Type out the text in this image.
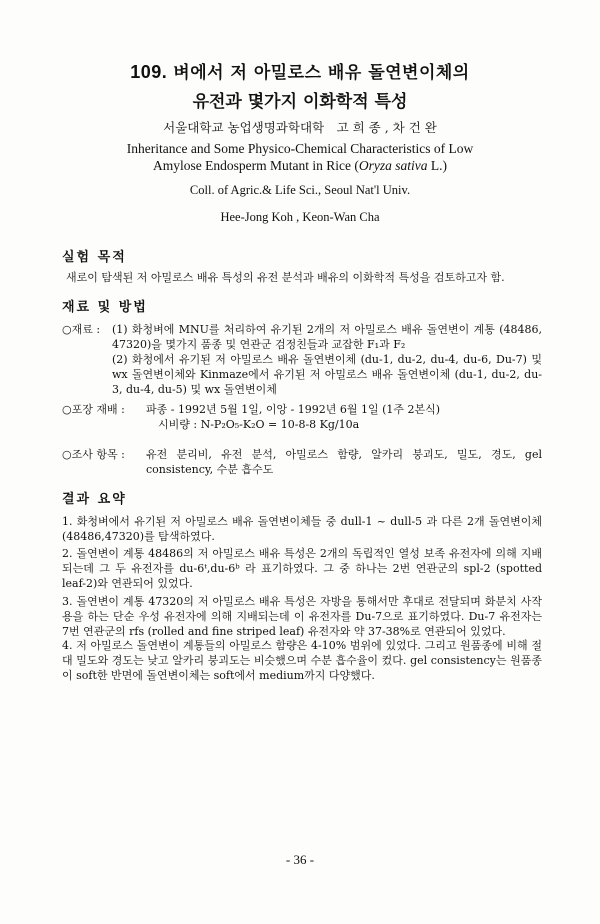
109. 벼에서 저 아밀로스 배유 돌연변이체의
유전과 몇가지 이화학적 특성
서울대학교 농업생명과학대학　고 희 종 , 차 건 완
Inheritance and Some Physico-Chemical Characteristics of Low
Amylose Endosperm Mutant in Rice (Oryza sativa L.)
Coll. of Agric.& Life Sci., Seoul Nat'l Univ.
Hee-Jong Koh , Keon-Wan Cha
실험 목적
새로이 탐색된 저 아밀로스 배유 특성의 유전 분석과 배유의 이화학적 특성을 검토하고자 함.
재료 및 방법
○재료 :	(1) 화청벼에 MNU를 처리하여 유기된 2개의 저 아밀로스 배유 돌연변이 계통 (48486, 47320)을 몇가지 품종 및 연관군 검정친들과 교잡한 F₁과 F₂
(2) 화청에서 유기된 저 아밀로스 배유 돌연변이체 (du-1, du-2, du-4, du-6, Du-7) 및 wx 돌연변이체와 Kinmaze에서 유기된 저 아밀로스 배유 돌연변이체 (du-1, du-2, du-3, du-4, du-5) 및 wx 돌연변이체
○포장 재배 :	파종 - 1992년 5월 1일, 이앙 - 1992년 6월 1일 (1주 2본식)
시비량 : N-P₂O₅-K₂O = 10-8-8 Kg/10a
○조사 항목 :	유전 분리비, 유전 분석, 아밀로스 함량, 알카리 붕괴도, 밀도, 경도, gel consistency, 수분 흡수도
결과 요약
1. 화청벼에서 유기된 저 아밀로스 배유 돌연변이체들 중 dull-1 ~ dull-5 과 다른 2개 돌연변이체 (48486,47320)를 탐색하였다.
2. 돌연변이 계통 48486의 저 아밀로스 배유 특성은 2개의 독립적인 열성 보족 유전자에 의해 지배되는데 그 두 유전자를 du-6ᵗ,du-6ᵇ 라 표기하였다. 그 중 하나는 2번 연관군의 spl-2 (spotted leaf-2)와 연관되어 있었다.
3. 돌연변이 계통 47320의 저 아밀로스 배유 특성은 자방을 통해서만 후대로 전달되며 화분치 사작용을 하는 단순 우성 유전자에 의해 지배되는데 이 유전자를 Du-7으로 표기하였다. Du-7 유전자는 7번 연관군의 rfs (rolled and fine striped leaf) 유전자와 약 37-38%로 연관되어 있었다.
4. 저 아밀로스 돌연변이 계통들의 아밀로스 함량은 4-10% 범위에 있었다. 그리고 원품종에 비해 절대 밀도와 경도는 낮고 알카리 붕괴도는 비슷했으며 수분 흡수율이 컸다. gel consistency는 원품종이 soft한 반면에 돌연변이체는 soft에서 medium까지 다양했다.
- 36 -
